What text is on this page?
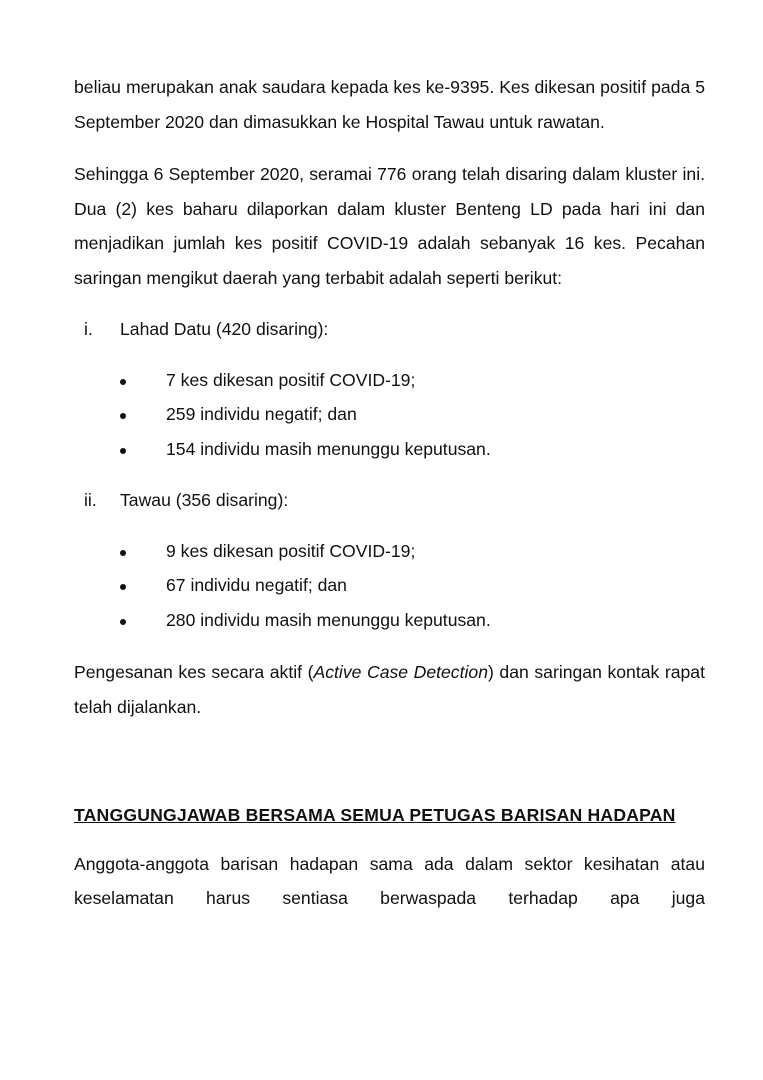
beliau merupakan anak saudara kepada kes ke-9395. Kes dikesan positif pada 5 September 2020 dan dimasukkan ke Hospital Tawau untuk rawatan.

Sehingga 6 September 2020, seramai 776 orang telah disaring dalam kluster ini. Dua (2) kes baharu dilaporkan dalam kluster Benteng LD pada hari ini dan menjadikan jumlah kes positif COVID-19 adalah sebanyak 16 kes. Pecahan saringan mengikut daerah yang terbabit adalah seperti berikut:

i. Lahad Datu (420 disaring):
7 kes dikesan positif COVID-19;
259 individu negatif; dan
154 individu masih menunggu keputusan.
ii. Tawau (356 disaring):
9 kes dikesan positif COVID-19;
67 individu negatif; dan
280 individu masih menunggu keputusan.

Pengesanan kes secara aktif (Active Case Detection) dan saringan kontak rapat telah dijalankan.

TANGGUNGJAWAB BERSAMA SEMUA PETUGAS BARISAN HADAPAN

Anggota-anggota barisan hadapan sama ada dalam sektor kesihatan atau keselamatan harus sentiasa berwaspada terhadap apa juga
